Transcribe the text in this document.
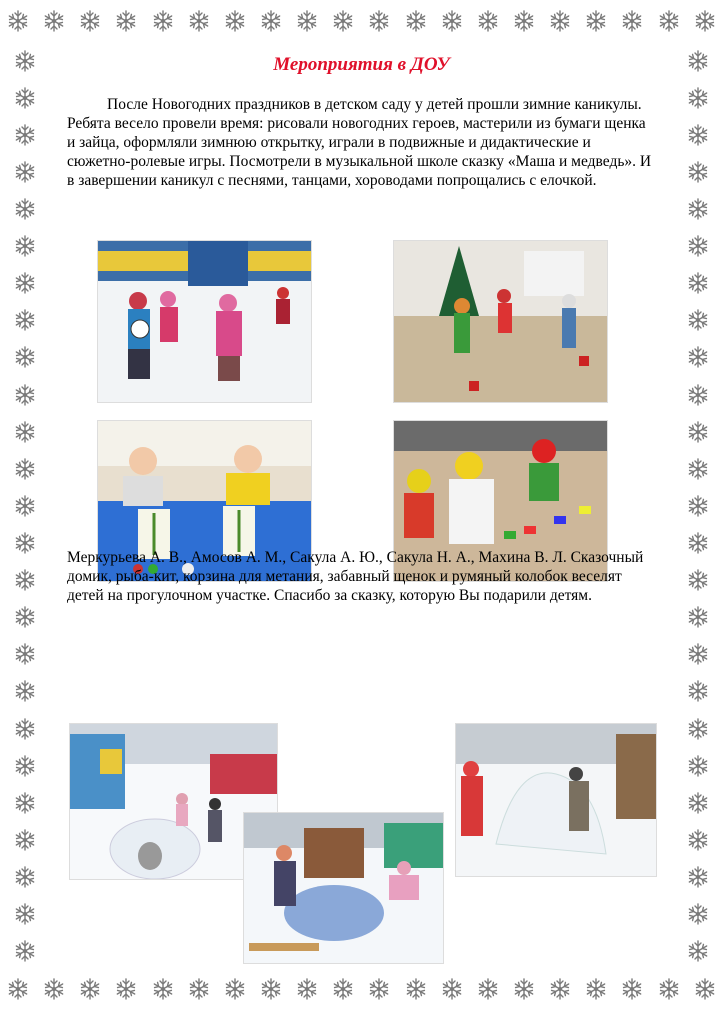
Мероприятия в ДОУ
После Новогодних праздников в детском саду у детей прошли зимние каникулы. Ребята весело провели время: рисовали новогодних героев, мастерили из бумаги щенка и зайца, оформляли зимнюю открытку, играли в подвижные и дидактические и сюжетно-ролевые игры. Посмотрели в музыкальной школе сказку «Маша и медведь». И в завершении каникул с песнями, танцами, хороводами попрощались с елочкой.
Меркурьева А. В., Амосов А. М., Сакула А. Ю., Сакула Н. А., Махина В. Л. Сказочный домик, рыба-кит, корзина для метания, забавный щенок и румяный колобок веселят детей на прогулочном участке. Спасибо за сказку, которую Вы подарили детям.
